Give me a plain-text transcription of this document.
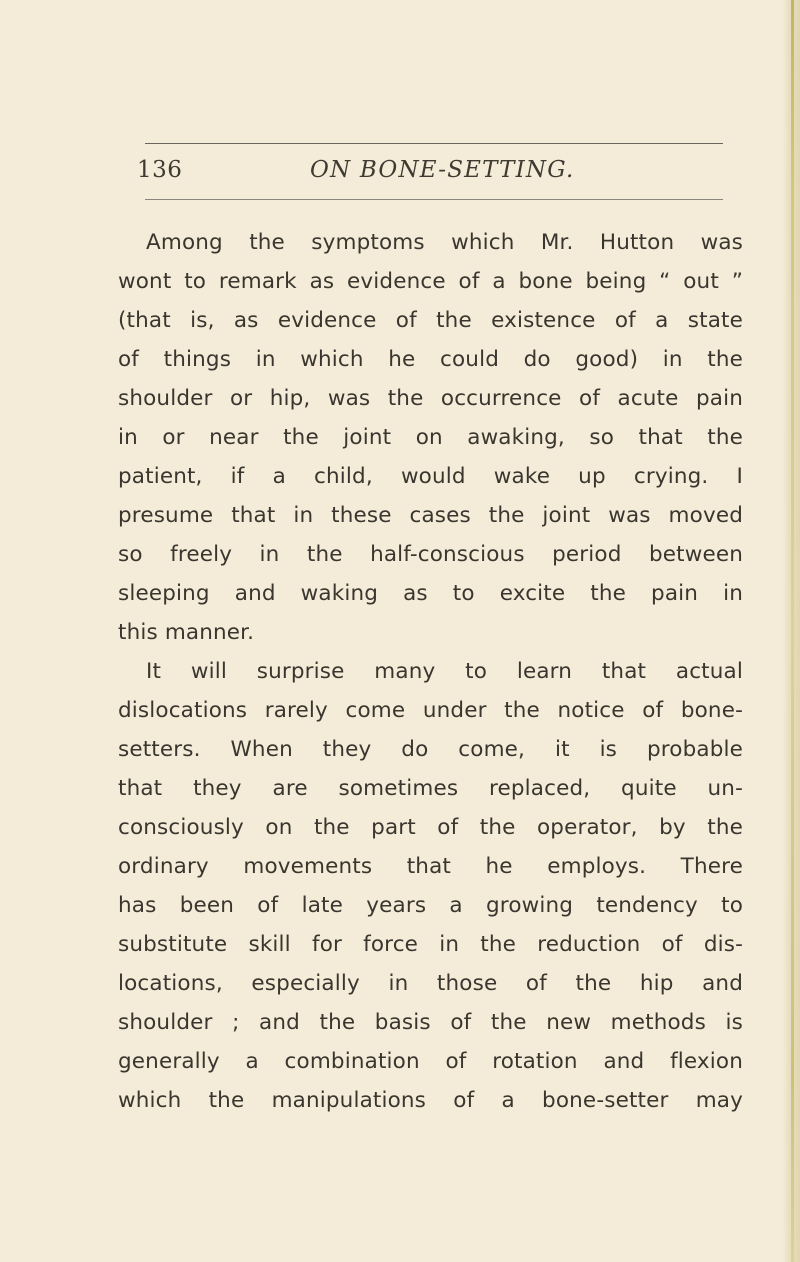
136	ON BONE-SETTING.
Among the symptoms which Mr. Hutton was
wont to remark as evidence of a bone being “ out ”
(that is, as evidence of the existence of a state
of things in which he could do good) in the
shoulder or hip, was the occurrence of acute pain
in or near the joint on awaking, so that the
patient, if a child, would wake up crying. I
presume that in these cases the joint was moved
so freely in the half-conscious period between
sleeping and waking as to excite the pain in
this manner.
It will surprise many to learn that actual
dislocations rarely come under the notice of bone-
setters. When they do come, it is probable
that they are sometimes replaced, quite un-
consciously on the part of the operator, by the
ordinary movements that he employs. There
has been of late years a growing tendency to
substitute skill for force in the reduction of dis-
locations, especially in those of the hip and
shoulder ; and the basis of the new methods is
generally a combination of rotation and flexion
which the manipulations of a bone-setter may
